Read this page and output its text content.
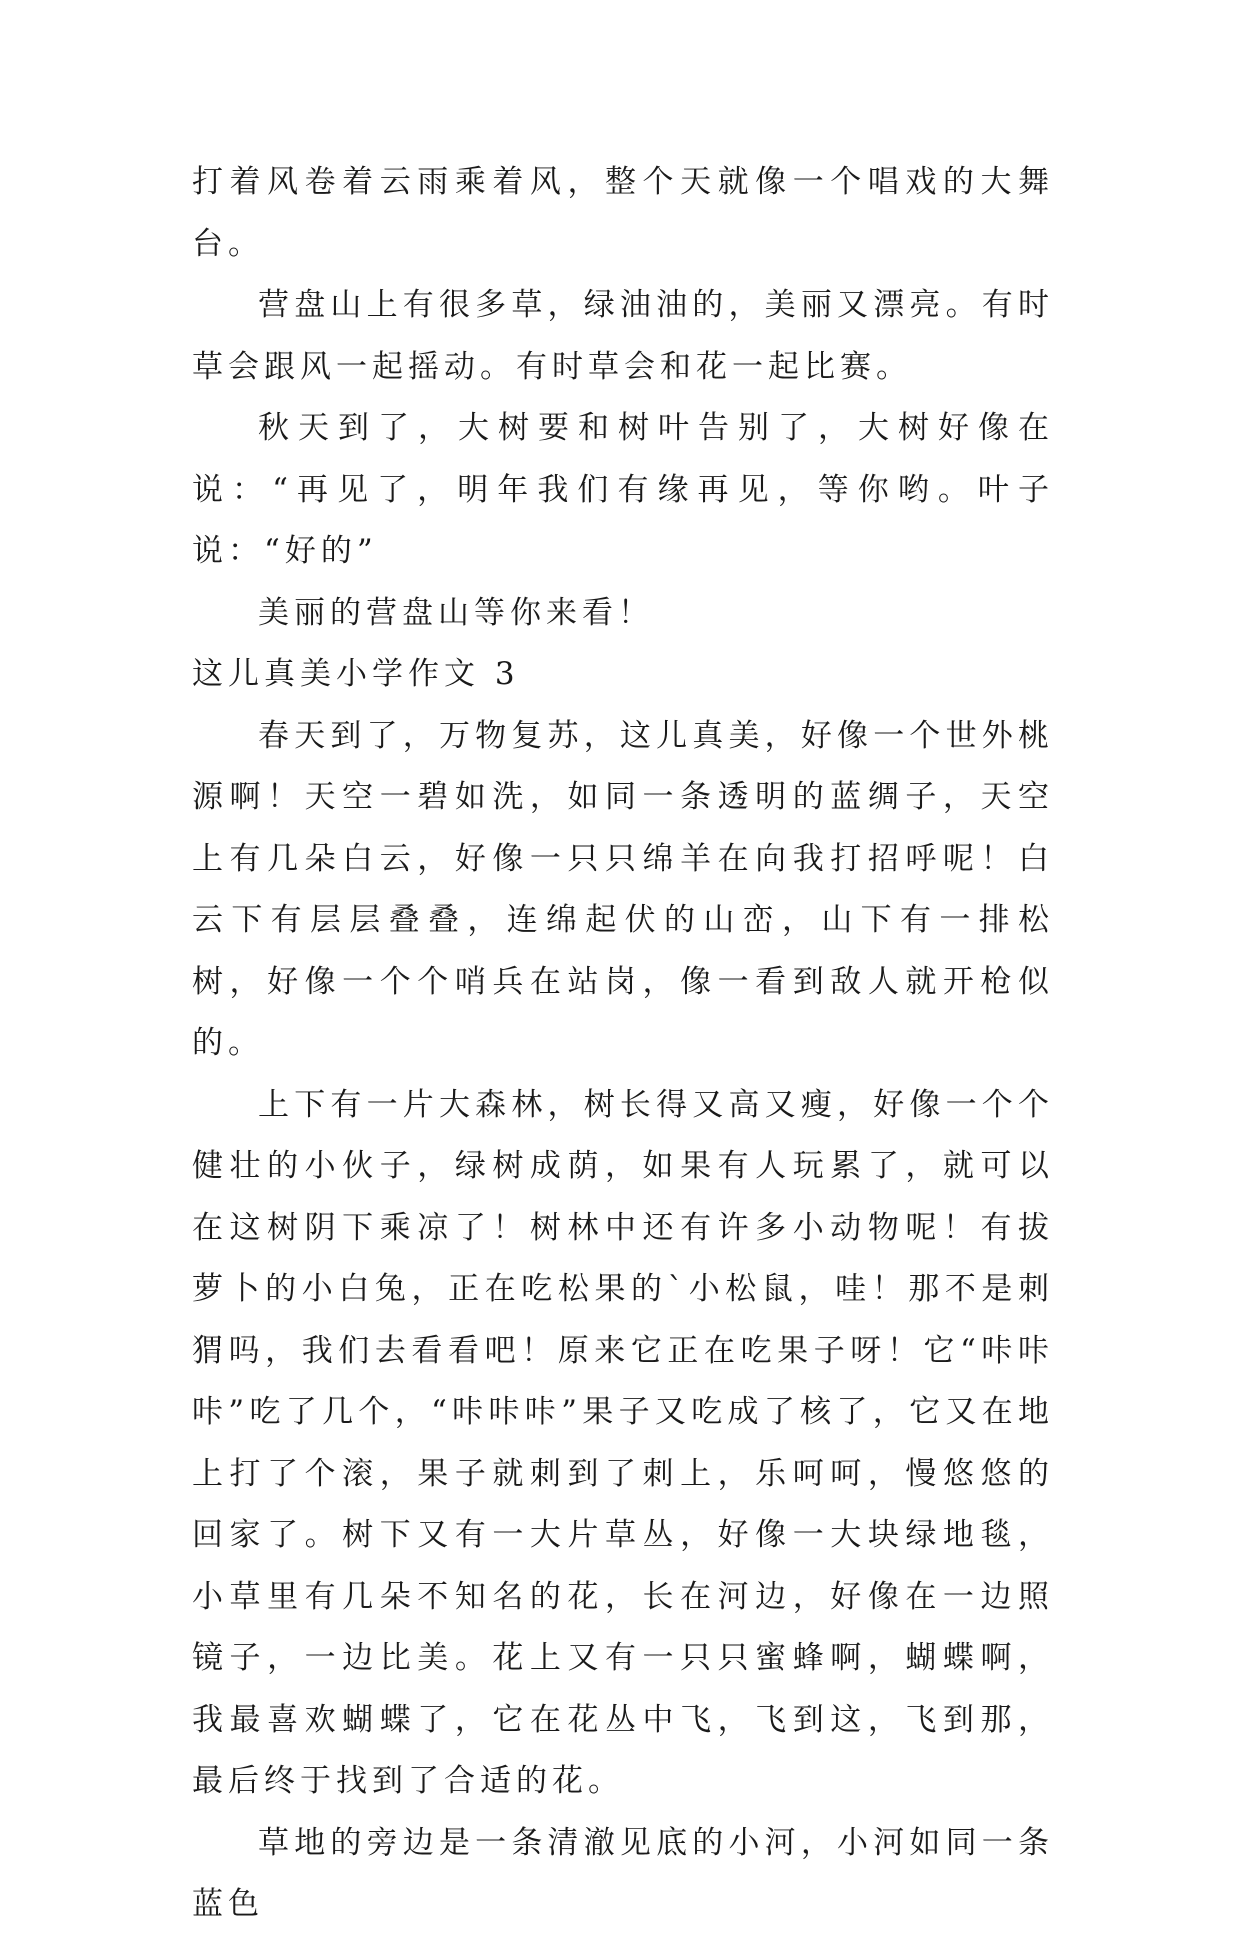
打着风卷着云雨乘着风，整个天就像一个唱戏的大舞台。

营盘山上有很多草，绿油油的，美丽又漂亮。有时草会跟风一起摇动。有时草会和花一起比赛。

秋天到了，大树要和树叶告别了，大树好像在说：“再见了，明年我们有缘再见，等你哟。叶子说：“好的”

美丽的营盘山等你来看！

这儿真美小学作文 3

春天到了，万物复苏，这儿真美，好像一个世外桃源啊！天空一碧如洗，如同一条透明的蓝绸子，天空上有几朵白云，好像一只只绵羊在向我打招呼呢！白云下有层层叠叠，连绵起伏的山峦，山下有一排松树，好像一个个哨兵在站岗，像一看到敌人就开枪似的。

上下有一片大森林，树长得又高又瘦，好像一个个健壮的小伙子，绿树成荫，如果有人玩累了，就可以在这树阴下乘凉了！树林中还有许多小动物呢！有拔萝卜的小白兔，正在吃松果的`小松鼠，哇！那不是刺猬吗，我们去看看吧！原来它正在吃果子呀！它“咔咔咔”吃了几个，“咔咔咔”果子又吃成了核了，它又在地上打了个滚，果子就刺到了刺上，乐呵呵，慢悠悠的回家了。树下又有一大片草丛，好像一大块绿地毯，小草里有几朵不知名的花，长在河边，好像在一边照镜子，一边比美。花上又有一只只蜜蜂啊，蝴蝶啊，我最喜欢蝴蝶了，它在花丛中飞，飞到这，飞到那，最后终于找到了合适的花。

草地的旁边是一条清澈见底的小河，小河如同一条蓝色
